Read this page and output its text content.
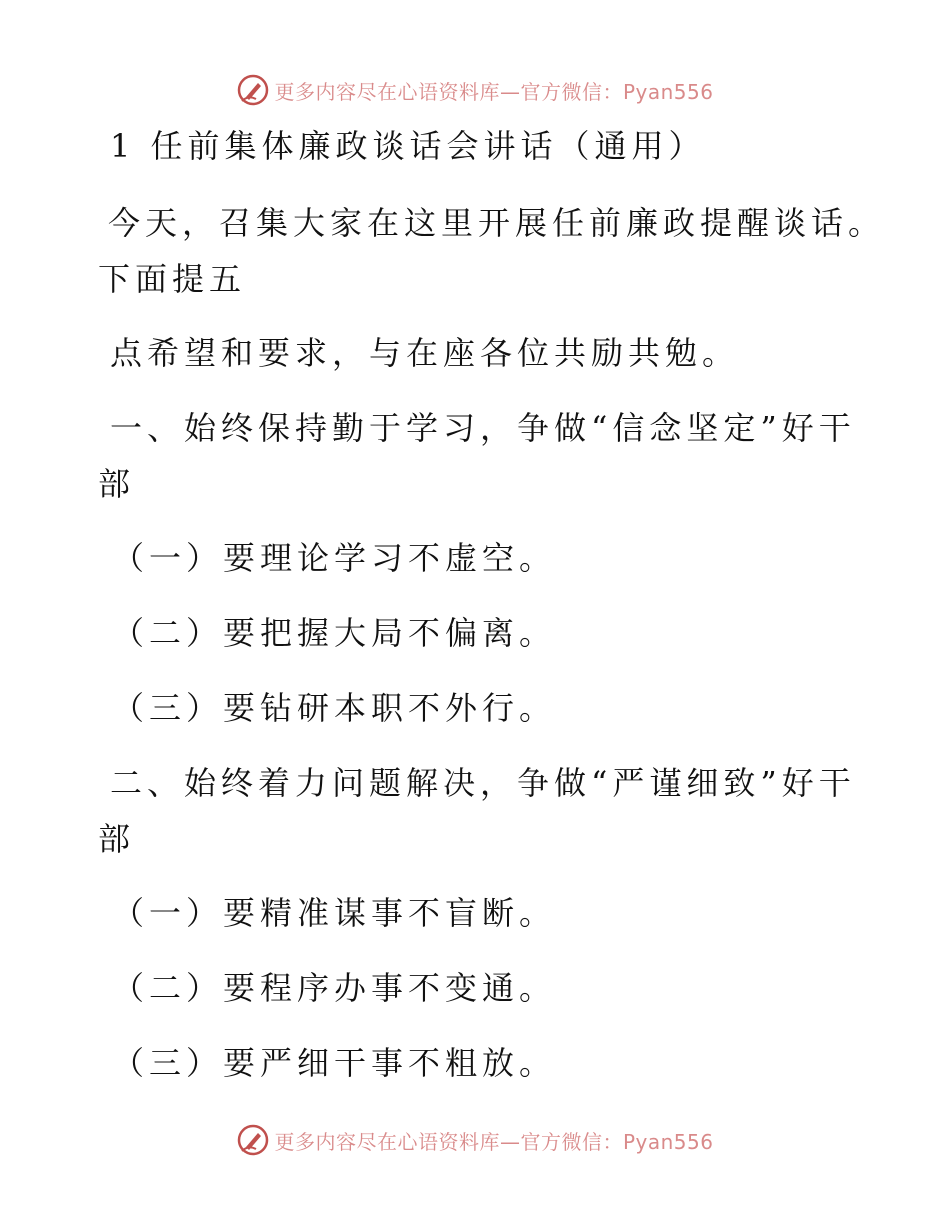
更多内容尽在心语资料库—官方微信：Pyan556

1 任前集体廉政谈话会讲话（通用）

今天，召集大家在这里开展任前廉政提醒谈话。

下面提五

点希望和要求，与在座各位共励共勉。

一、始终保持勤于学习，争做“信念坚定”好干

部

（一）要理论学习不虚空。

（二）要把握大局不偏离。

（三）要钻研本职不外行。

二、始终着力问题解决，争做“严谨细致”好干

部

（一）要精准谋事不盲断。

（二）要程序办事不变通。

（三）要严细干事不粗放。

更多内容尽在心语资料库—官方微信：Pyan556
